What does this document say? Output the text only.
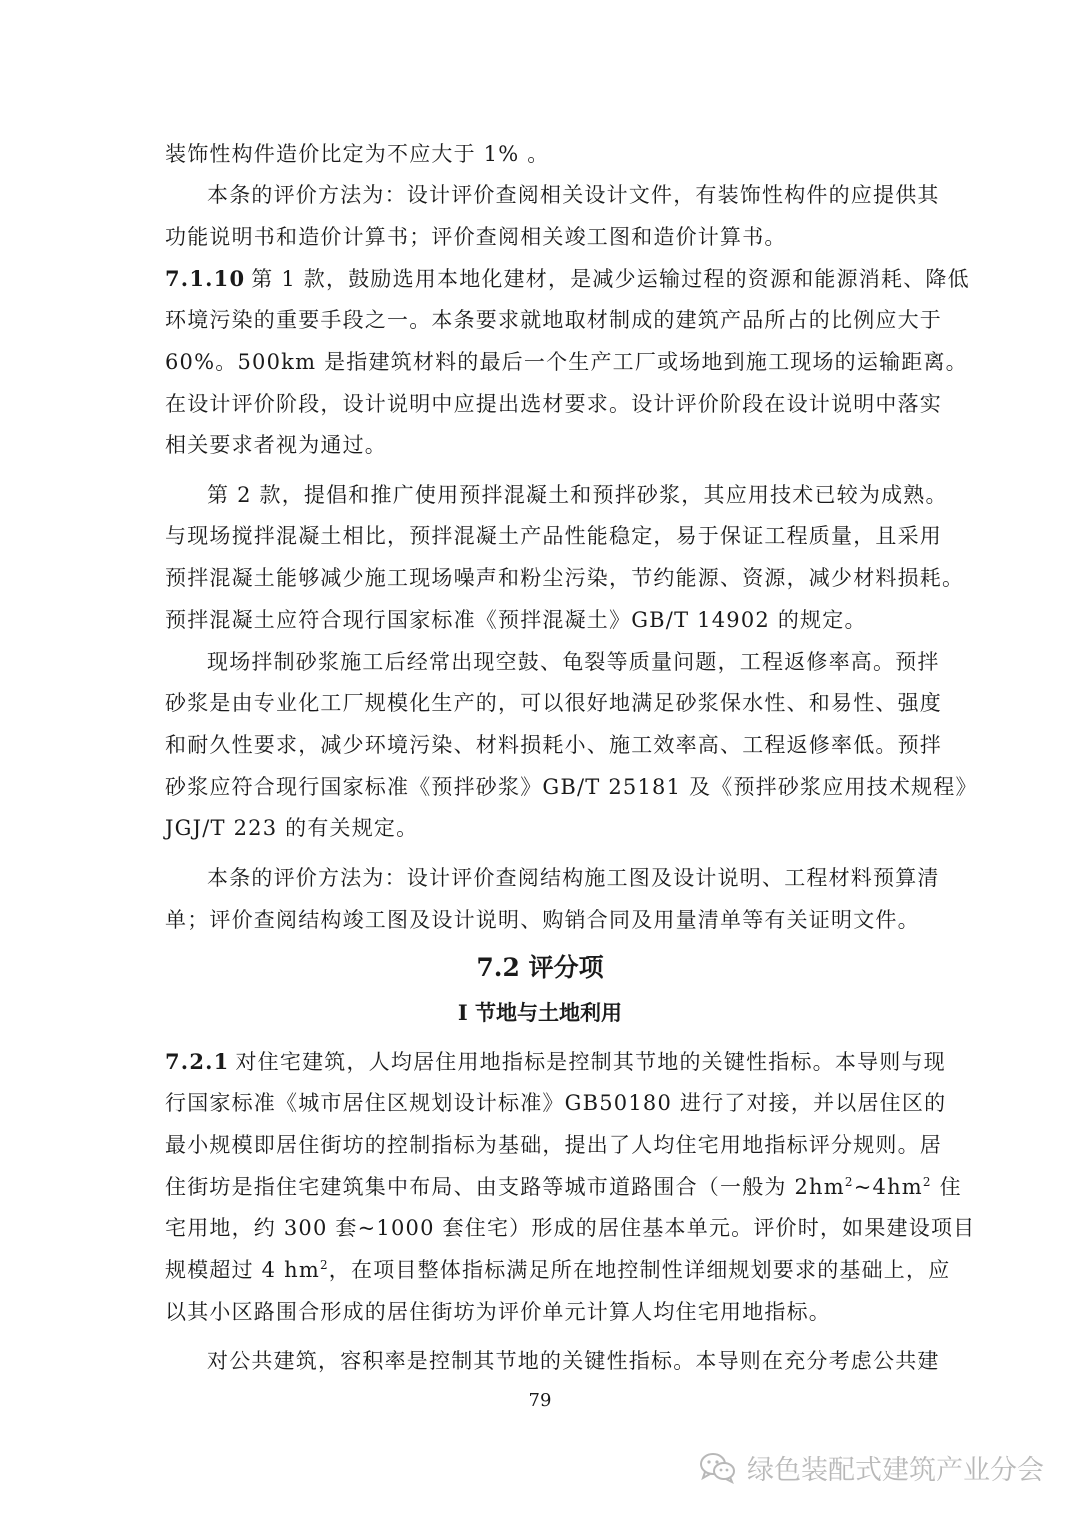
装饰性构件造价比定为不应大于 1% 。
本条的评价方法为：设计评价查阅相关设计文件，有装饰性构件的应提供其
功能说明书和造价计算书；评价查阅相关竣工图和造价计算书。
7.1.10 第 1 款，鼓励选用本地化建材，是减少运输过程的资源和能源消耗、降低
环境污染的重要手段之一。本条要求就地取材制成的建筑产品所占的比例应大于
60%。500km 是指建筑材料的最后一个生产工厂或场地到施工现场的运输距离。
在设计评价阶段，设计说明中应提出选材要求。设计评价阶段在设计说明中落实
相关要求者视为通过。
第 2 款，提倡和推广使用预拌混凝土和预拌砂浆，其应用技术已较为成熟。
与现场搅拌混凝土相比，预拌混凝土产品性能稳定，易于保证工程质量，且采用
预拌混凝土能够减少施工现场噪声和粉尘污染，节约能源、资源，减少材料损耗。
预拌混凝土应符合现行国家标准《预拌混凝土》GB/T 14902 的规定。
现场拌制砂浆施工后经常出现空鼓、龟裂等质量问题，工程返修率高。预拌
砂浆是由专业化工厂规模化生产的，可以很好地满足砂浆保水性、和易性、强度
和耐久性要求，减少环境污染、材料损耗小、施工效率高、工程返修率低。预拌
砂浆应符合现行国家标准《预拌砂浆》GB/T 25181 及《预拌砂浆应用技术规程》
JGJ/T 223 的有关规定。
本条的评价方法为：设计评价查阅结构施工图及设计说明、工程材料预算清
单；评价查阅结构竣工图及设计说明、购销合同及用量清单等有关证明文件。
7.2 评分项
I 节地与土地利用
7.2.1 对住宅建筑，人均居住用地指标是控制其节地的关键性指标。本导则与现
行国家标准《城市居住区规划设计标准》GB50180 进行了对接，并以居住区的
最小规模即居住街坊的控制指标为基础，提出了人均住宅用地指标评分规则。居
住街坊是指住宅建筑集中布局、由支路等城市道路围合（一般为 $2hm^2\sim 4hm^2$ 住
宅用地，约 300 套~1000 套住宅）形成的居住基本单元。评价时，如果建设项目
规模超过 4 $hm^2$，在项目整体指标满足所在地控制性详细规划要求的基础上，应
以其小区路围合形成的居住街坊为评价单元计算人均住宅用地指标。
对公共建筑，容积率是控制其节地的关键性指标。本导则在充分考虑公共建
79
绿色装配式建筑产业分会
